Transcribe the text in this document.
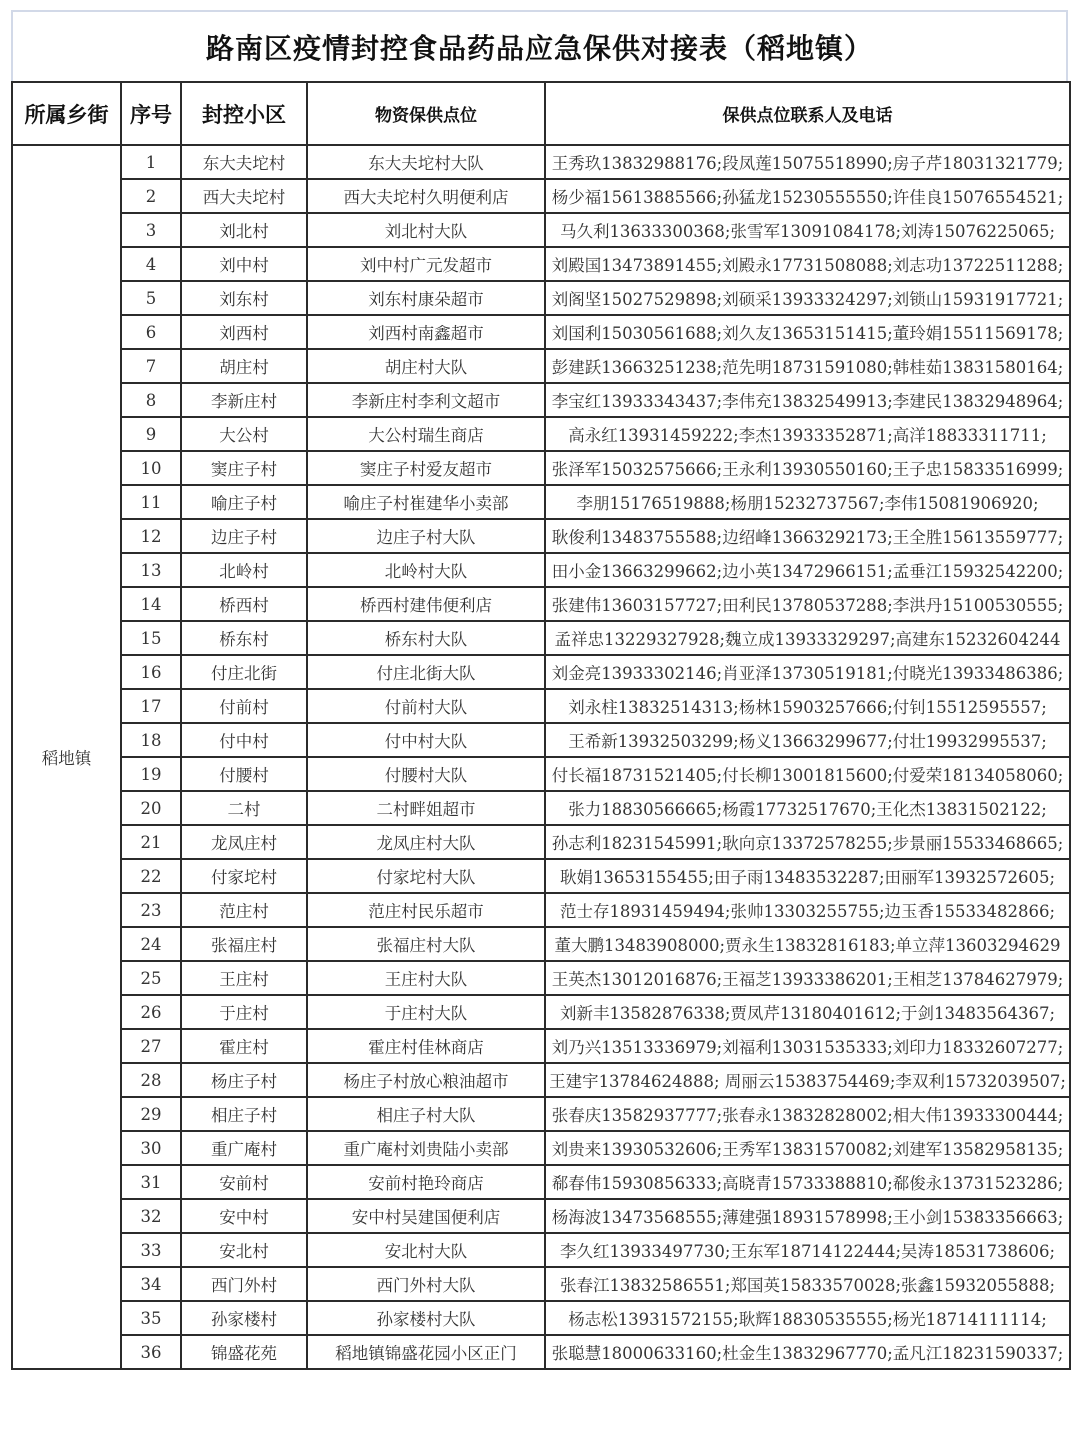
路南区疫情封控食品药品应急保供对接表（稻地镇）
所属乡街	序号	封控小区	物资保供点位	保供点位联系人及电话
稻地镇	1	东大夫坨村	东大夫坨村大队	王秀玖13832988176;段凤莲15075518990;房子芹18031321779;
	2	西大夫坨村	西大夫坨村久明便利店	杨少福15613885566;孙猛龙15230555550;许佳良15076554521;
	3	刘北村	刘北村大队	马久利13633300368;张雪军13091084178;刘涛15076225065;
	4	刘中村	刘中村广元发超市	刘殿国13473891455;刘殿永17731508088;刘志功13722511288;
	5	刘东村	刘东村康朵超市	刘阁坚15027529898;刘硕采13933324297;刘锁山15931917721;
	6	刘西村	刘西村南鑫超市	刘国利15030561688;刘久友13653151415;董玲娟15511569178;
	7	胡庄村	胡庄村大队	彭建跃13663251238;范先明18731591080;韩桂茹13831580164;
	8	李新庄村	李新庄村李利文超市	李宝红13933343437;李伟充13832549913;李建民13832948964;
	9	大公村	大公村瑞生商店	高永红13931459222;李杰13933352871;高洋18833311711;
	10	窦庄子村	窦庄子村爱友超市	张泽军15032575666;王永利13930550160;王子忠15833516999;
	11	喻庄子村	喻庄子村崔建华小卖部	李朋15176519888;杨朋15232737567;李伟15081906920;
	12	边庄子村	边庄子村大队	耿俊利13483755588;边绍峰13663292173;王全胜15613559777;
	13	北岭村	北岭村大队	田小金13663299662;边小英13472966151;孟垂江15932542200;
	14	桥西村	桥西村建伟便利店	张建伟13603157727;田利民13780537288;李洪丹15100530555;
	15	桥东村	桥东村大队	孟祥忠13229327928;魏立成13933329297;高建东15232604244
	16	付庄北街	付庄北街大队	刘金亮13933302146;肖亚泽13730519181;付晓光13933486386;
	17	付前村	付前村大队	刘永柱13832514313;杨林15903257666;付钊15512595557;
	18	付中村	付中村大队	王希新13932503299;杨义13663299677;付壮19932995537;
	19	付腰村	付腰村大队	付长福18731521405;付长柳13001815600;付爱荣18134058060;
	20	二村	二村畔姐超市	张力18830566665;杨霞17732517670;王化杰13831502122;
	21	龙凤庄村	龙凤庄村大队	孙志利18231545991;耿向京13372578255;步景丽15533468665;
	22	付家坨村	付家坨村大队	耿娟13653155455;田子雨13483532287;田丽军13932572605;
	23	范庄村	范庄村民乐超市	范士存18931459494;张帅13303255755;边玉香15533482866;
	24	张福庄村	张福庄村大队	董大鹏13483908000;贾永生13832816183;单立萍13603294629
	25	王庄村	王庄村大队	王英杰13012016876;王福芝13933386201;王相芝13784627979;
	26	于庄村	于庄村大队	刘新丰13582876338;贾凤芹13180401612;于剑13483564367;
	27	霍庄村	霍庄村佳林商店	刘乃兴13513336979;刘福利13031535333;刘印力18332607277;
	28	杨庄子村	杨庄子村放心粮油超市	王建宇13784624888; 周丽云15383754469;李双利15732039507;
	29	相庄子村	相庄子村大队	张春庆13582937777;张春永13832828002;相大伟13933300444;
	30	重广庵村	重广庵村刘贵陆小卖部	刘贵来13930532606;王秀军13831570082;刘建军13582958135;
	31	安前村	安前村艳玲商店	郗春伟15930856333;高晓青15733388810;郗俊永13731523286;
	32	安中村	安中村吴建国便利店	杨海波13473568555;薄建强18931578998;王小剑15383356663;
	33	安北村	安北村大队	李久红13933497730;王东军18714122444;吴涛18531738606;
	34	西门外村	西门外村大队	张春江13832586551;郑国英15833570028;张鑫15932055888;
	35	孙家楼村	孙家楼村大队	杨志松13931572155;耿辉18830535555;杨光18714111114;
	36	锦盛花苑	稻地镇锦盛花园小区正门	张聪慧18000633160;杜金生13832967770;孟凡江18231590337;
